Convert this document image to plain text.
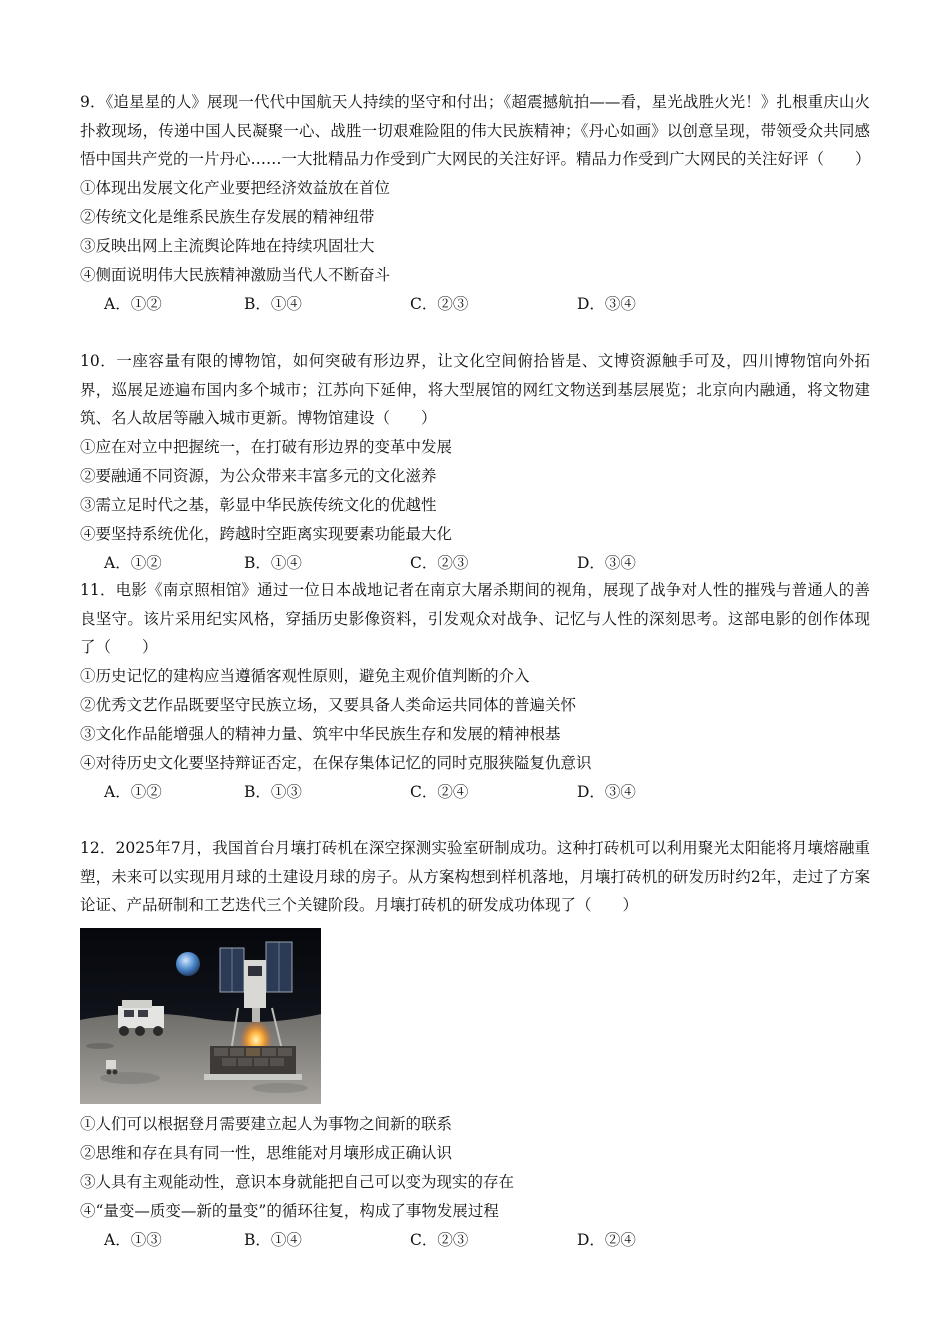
9．《追星星的人》展现一代代中国航天人持续的坚守和付出；《超震撼航拍——看，星光战胜火光！》扎根重庆山火扑救现场，传递中国人民凝聚一心、战胜一切艰难险阻的伟大民族精神；《丹心如画》以创意呈现，带领受众共同感悟中国共产党的一片丹心……一大批精品力作受到广大网民的关注好评。精品力作受到广大网民的关注好评（　　）

①体现出发展文化产业要把经济效益放在首位

②传统文化是维系民族生存发展的精神纽带

③反映出网上主流舆论阵地在持续巩固壮大

④侧面说明伟大民族精神激励当代人不断奋斗

A．①②	B．①④	C．②③	D．③④

10．一座容量有限的博物馆，如何突破有形边界，让文化空间俯拾皆是、文博资源触手可及，四川博物馆向外拓界，巡展足迹遍布国内多个城市；江苏向下延伸，将大型展馆的网红文物送到基层展览；北京向内融通，将文物建筑、名人故居等融入城市更新。博物馆建设（　　）

①应在对立中把握统一，在打破有形边界的变革中发展

②要融通不同资源，为公众带来丰富多元的文化滋养

③需立足时代之基，彰显中华民族传统文化的优越性

④要坚持系统优化，跨越时空距离实现要素功能最大化

A．①②	B．①④	C．②③	D．③④

11．电影《南京照相馆》通过一位日本战地记者在南京大屠杀期间的视角，展现了战争对人性的摧残与普通人的善良坚守。该片采用纪实风格，穿插历史影像资料，引发观众对战争、记忆与人性的深刻思考。这部电影的创作体现了（　　）

①历史记忆的建构应当遵循客观性原则，避免主观价值判断的介入

②优秀文艺作品既要坚守民族立场，又要具备人类命运共同体的普遍关怀

③文化作品能增强人的精神力量、筑牢中华民族生存和发展的精神根基

④对待历史文化要坚持辩证否定，在保存集体记忆的同时克服狭隘复仇意识

A．①②	B．①③	C．②④	D．③④

12．2025年7月，我国首台月壤打砖机在深空探测实验室研制成功。这种打砖机可以利用聚光太阳能将月壤熔融重塑，未来可以实现用月球的土建设月球的房子。从方案构想到样机落地，月壤打砖机的研发历时约2年，走过了方案论证、产品研制和工艺迭代三个关键阶段。月壤打砖机的研发成功体现了（　　）

①人们可以根据登月需要建立起人为事物之间新的联系

②思维和存在具有同一性，思维能对月壤形成正确认识

③人具有主观能动性，意识本身就能把自己可以变为现实的存在

④“量变—质变—新的量变”的循环往复，构成了事物发展过程

A．①③	B．①④	C．②③	D．②④
